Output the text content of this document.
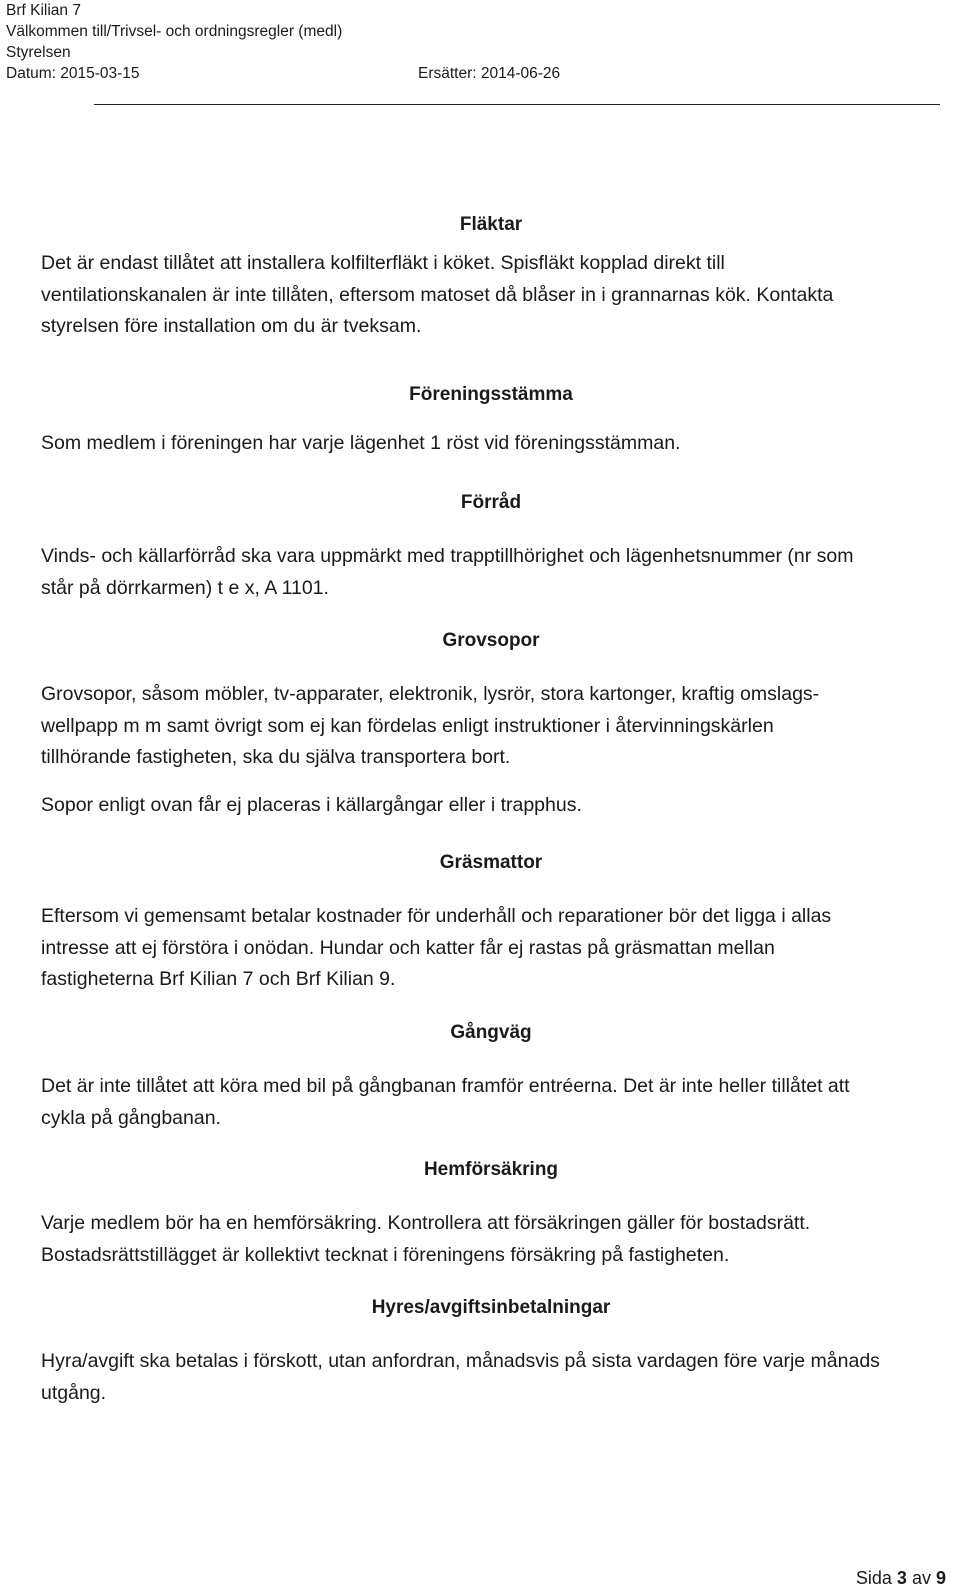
Brf Kilian 7
Välkommen till/Trivsel- och ordningsregler (medl)
Styrelsen
Datum: 2015-03-15	Ersätter: 2014-06-26
Fläktar

Det är endast tillåtet att installera kolfilterfläkt i köket. Spisfläkt kopplad direkt till
ventilationskanalen är inte tillåten, eftersom matoset då blåser in i grannarnas kök. Kontakta
styrelsen före installation om du är tveksam.

Föreningsstämma

Som medlem i föreningen har varje lägenhet 1 röst vid föreningsstämman.

Förråd

Vinds- och källarförråd ska vara uppmärkt med trapptillhörighet och lägenhetsnummer (nr som
står på dörrkarmen) t e x, A 1101.

Grovsopor

Grovsopor, såsom möbler, tv-apparater, elektronik, lysrör, stora kartonger, kraftig omslags-
wellpapp m m samt övrigt som ej kan fördelas enligt instruktioner i återvinningskärlen
tillhörande fastigheten, ska du själva transportera bort.

Sopor enligt ovan får ej placeras i källargångar eller i trapphus.

Gräsmattor

Eftersom vi gemensamt betalar kostnader för underhåll och reparationer bör det ligga i allas
intresse att ej förstöra i onödan. Hundar och katter får ej rastas på gräsmattan mellan
fastigheterna Brf Kilian 7 och Brf Kilian 9.

Gångväg

Det är inte tillåtet att köra med bil på gångbanan framför entréerna. Det är inte heller tillåtet att
cykla på gångbanan.

Hemförsäkring

Varje medlem bör ha en hemförsäkring. Kontrollera att försäkringen gäller för bostadsrätt.
Bostadsrättstillägget är kollektivt tecknat i föreningens försäkring på fastigheten.

Hyres/avgiftsinbetalningar

Hyra/avgift ska betalas i förskott, utan anfordran, månadsvis på sista vardagen före varje månads
utgång.

Sida 3 av 9
